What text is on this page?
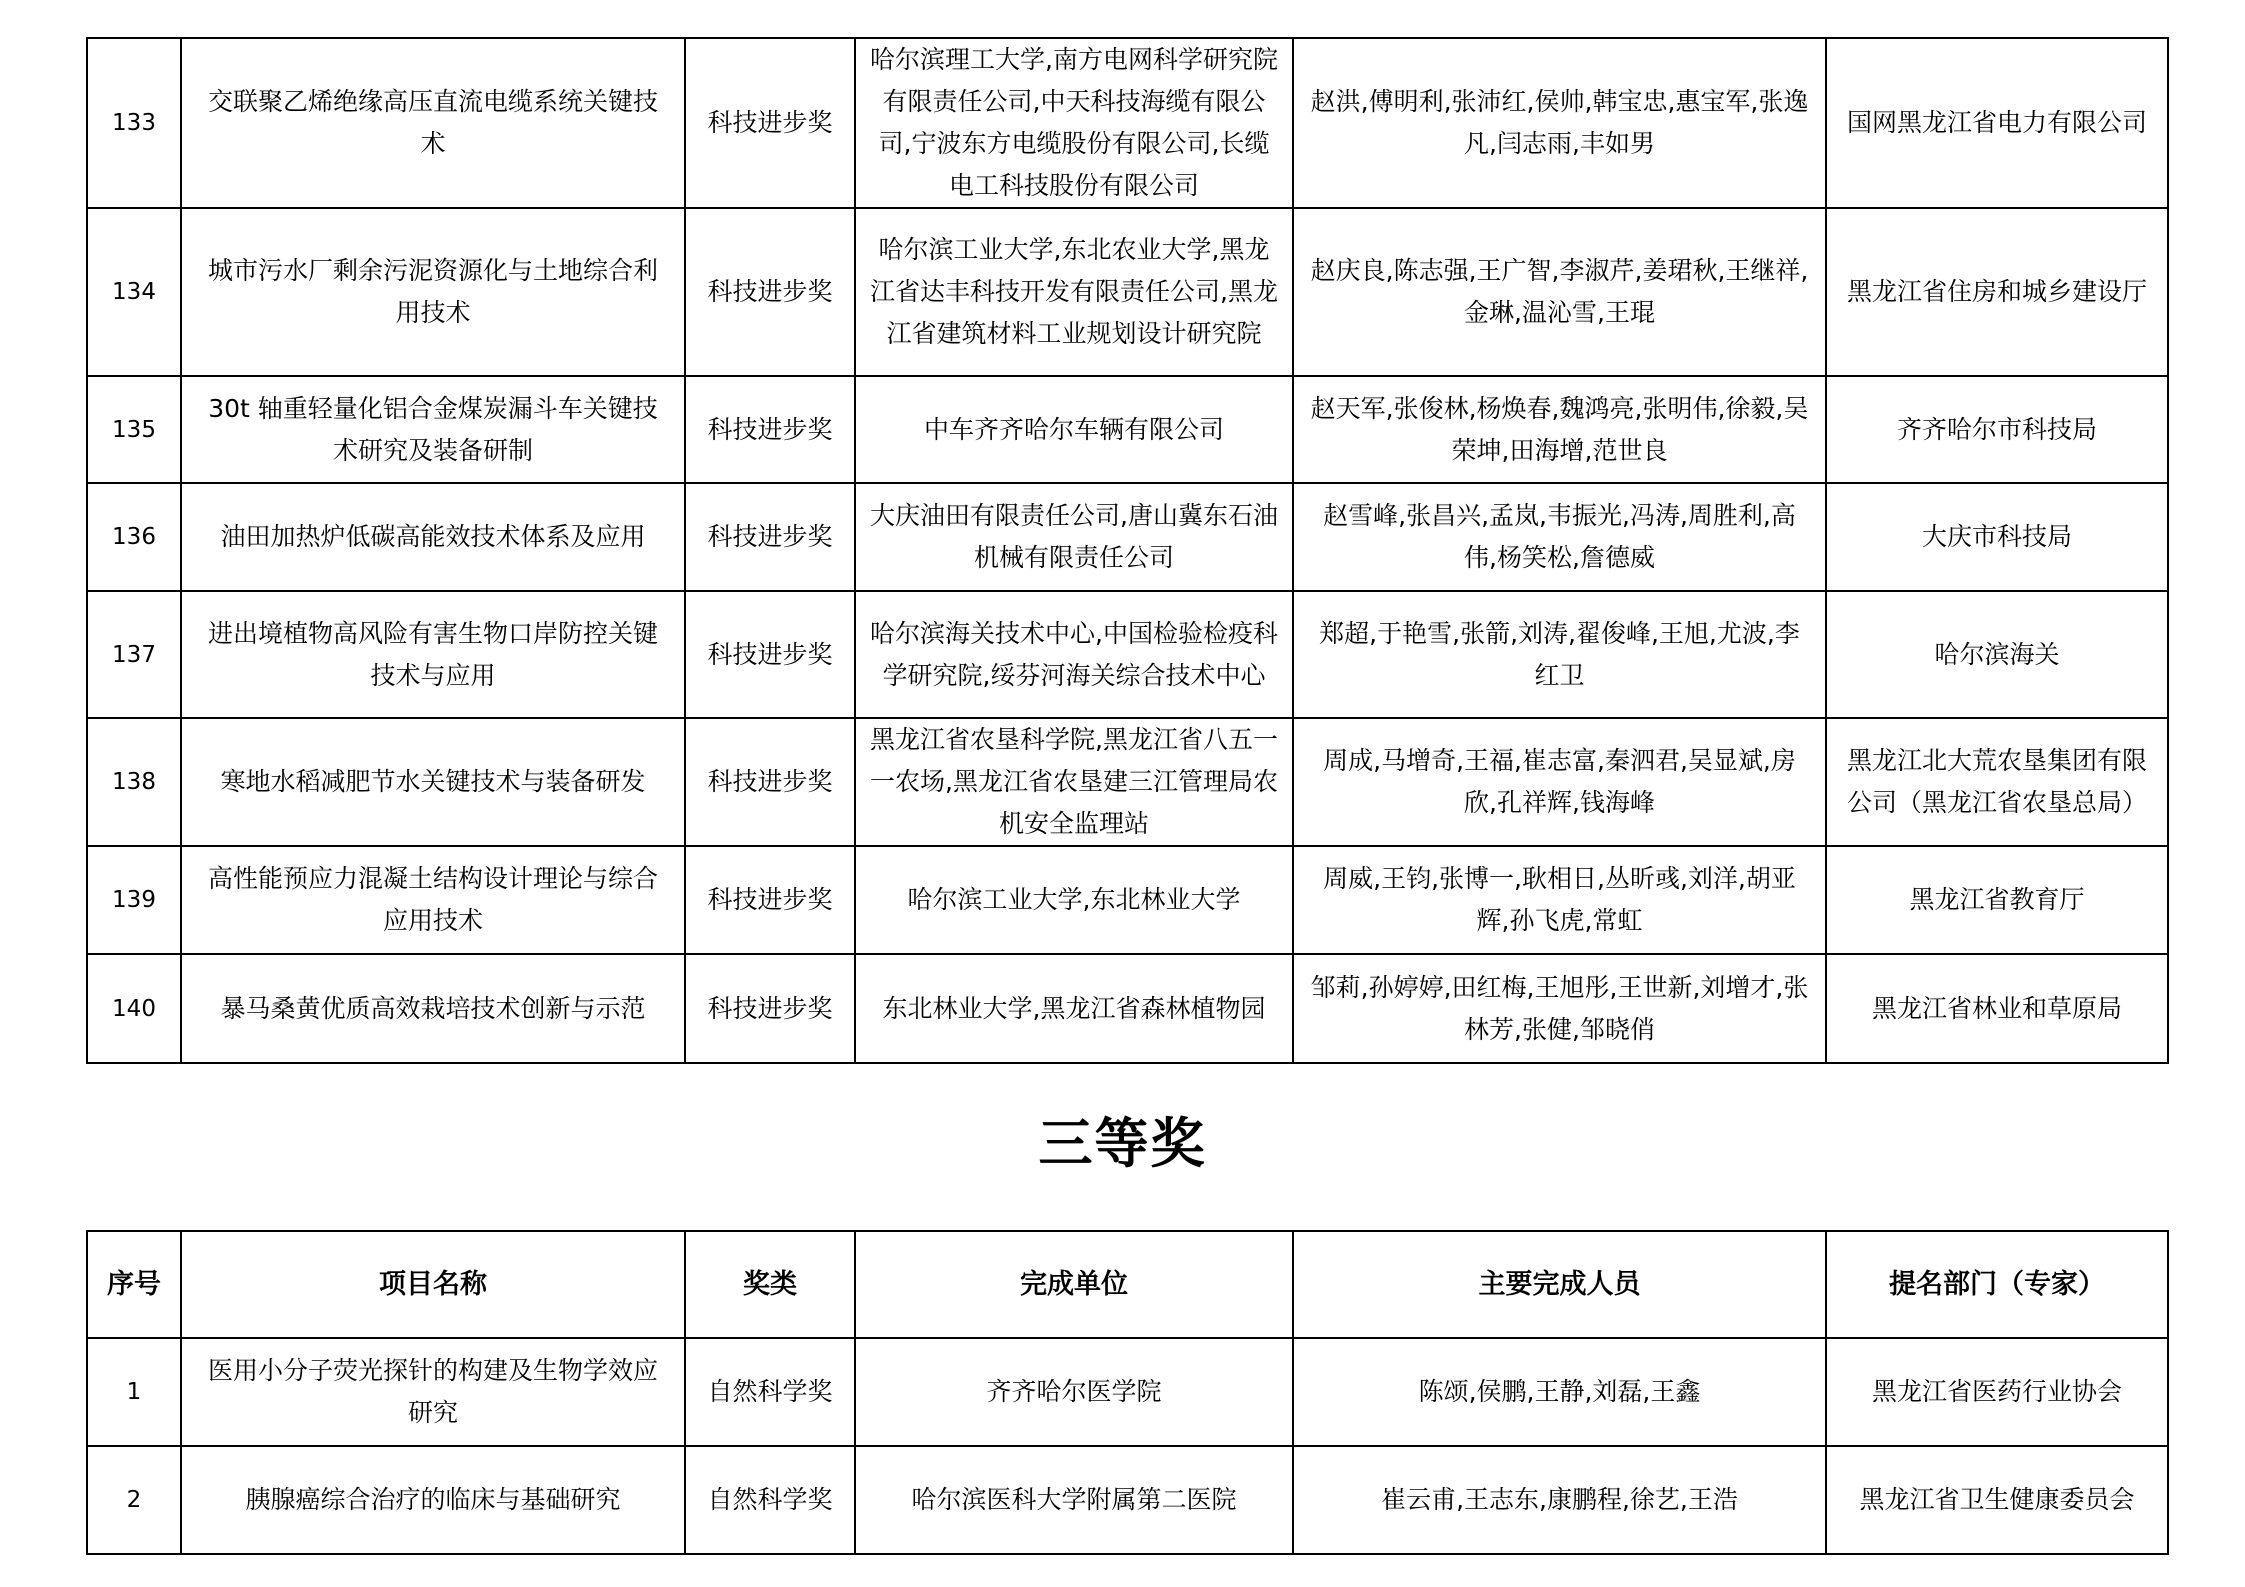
133	交联聚乙烯绝缘高压直流电缆系统关键技术	科技进步奖	哈尔滨理工大学,南方电网科学研究院有限责任公司,中天科技海缆有限公司,宁波东方电缆股份有限公司,长缆电工科技股份有限公司	赵洪,傅明利,张沛红,侯帅,韩宝忠,惠宝军,张逸凡,闫志雨,丰如男	国网黑龙江省电力有限公司
134	城市污水厂剩余污泥资源化与土地综合利用技术	科技进步奖	哈尔滨工业大学,东北农业大学,黑龙江省达丰科技开发有限责任公司,黑龙江省建筑材料工业规划设计研究院	赵庆良,陈志强,王广智,李淑芹,姜珺秋,王继祥,金琳,温沁雪,王琨	黑龙江省住房和城乡建设厅
135	30t 轴重轻量化铝合金煤炭漏斗车关键技术研究及装备研制	科技进步奖	中车齐齐哈尔车辆有限公司	赵天军,张俊林,杨焕春,魏鸿亮,张明伟,徐毅,吴荣坤,田海增,范世良	齐齐哈尔市科技局
136	油田加热炉低碳高能效技术体系及应用	科技进步奖	大庆油田有限责任公司,唐山冀东石油机械有限责任公司	赵雪峰,张昌兴,孟岚,韦振光,冯涛,周胜利,高伟,杨笑松,詹德威	大庆市科技局
137	进出境植物高风险有害生物口岸防控关键技术与应用	科技进步奖	哈尔滨海关技术中心,中国检验检疫科学研究院,绥芬河海关综合技术中心	郑超,于艳雪,张箭,刘涛,翟俊峰,王旭,尤波,李红卫	哈尔滨海关
138	寒地水稻减肥节水关键技术与装备研发	科技进步奖	黑龙江省农垦科学院,黑龙江省八五一一农场,黑龙江省农垦建三江管理局农机安全监理站	周成,马增奇,王福,崔志富,秦泗君,吴显斌,房欣,孔祥辉,钱海峰	黑龙江北大荒农垦集团有限公司（黑龙江省农垦总局）
139	高性能预应力混凝土结构设计理论与综合应用技术	科技进步奖	哈尔滨工业大学,东北林业大学	周威,王钧,张博一,耿相日,丛昕彧,刘洋,胡亚辉,孙飞虎,常虹	黑龙江省教育厅
140	暴马桑黄优质高效栽培技术创新与示范	科技进步奖	东北林业大学,黑龙江省森林植物园	邹莉,孙婷婷,田红梅,王旭彤,王世新,刘增才,张林芳,张健,邹晓俏	黑龙江省林业和草原局
三等奖
序号	项目名称	奖类	完成单位	主要完成人员	提名部门（专家）
1	医用小分子荧光探针的构建及生物学效应研究	自然科学奖	齐齐哈尔医学院	陈颂,侯鹏,王静,刘磊,王鑫	黑龙江省医药行业协会
2	胰腺癌综合治疗的临床与基础研究	自然科学奖	哈尔滨医科大学附属第二医院	崔云甫,王志东,康鹏程,徐艺,王浩	黑龙江省卫生健康委员会
